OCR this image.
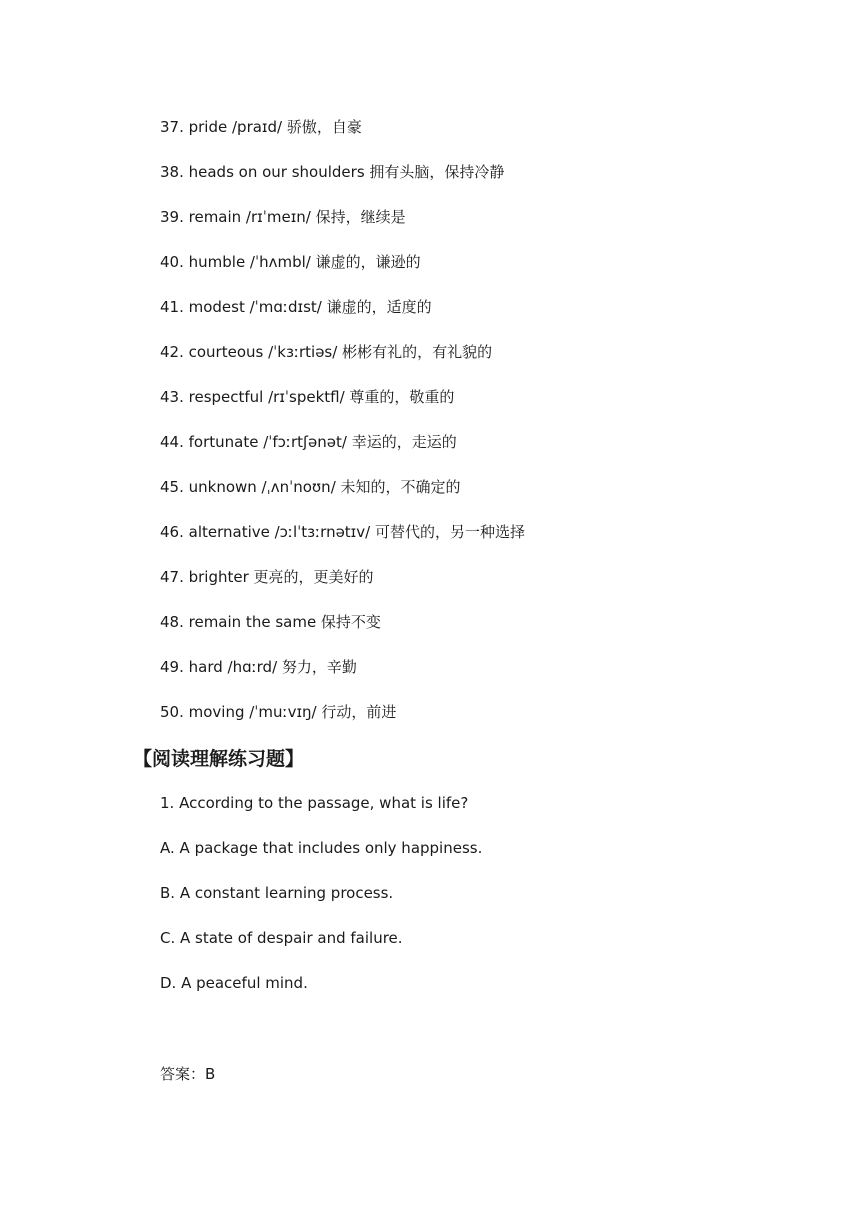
37. pride /praɪd/ 骄傲，自豪
38. heads on our shoulders 拥有头脑，保持冷静
39. remain /rɪˈmeɪn/ 保持，继续是
40. humble /ˈhʌmbl/ 谦虚的，谦逊的
41. modest /ˈmɑːdɪst/ 谦虚的，适度的
42. courteous /ˈkɜːrtiəs/ 彬彬有礼的，有礼貌的
43. respectful /rɪˈspektfl/ 尊重的，敬重的
44. fortunate /ˈfɔːrtʃənət/ 幸运的，走运的
45. unknown /ˌʌnˈnoʊn/ 未知的，不确定的
46. alternative /ɔːlˈtɜːrnətɪv/ 可替代的，另一种选择
47. brighter 更亮的，更美好的
48. remain the same 保持不变
49. hard /hɑːrd/ 努力，辛勤
50. moving /ˈmuːvɪŋ/ 行动，前进
【阅读理解练习题】
1. According to the passage, what is life?
A. A package that includes only happiness.
B. A constant learning process.
C. A state of despair and failure.
D. A peaceful mind.
答案：B
